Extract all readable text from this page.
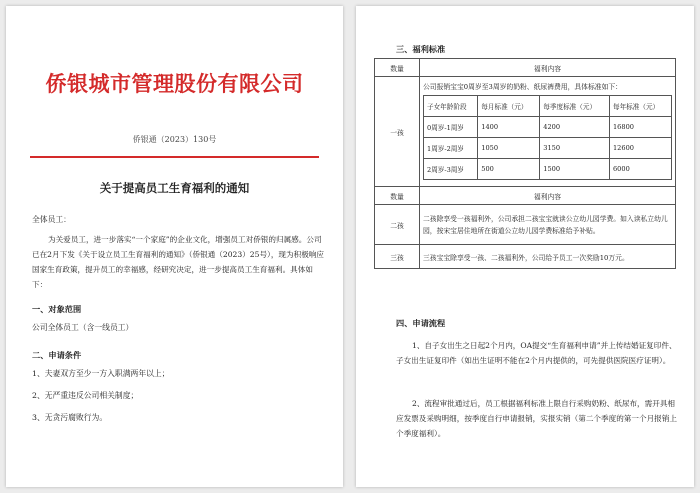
侨银城市管理股份有限公司
侨银通（2023）130号
关于提高员工生育福利的通知
全体员工：
为关爱员工，进一步落实“一个家庭”的企业文化，增强员工对侨银的归属感。公司已在2月下发《关于设立员工生育福利的通知》（侨银通（2023）25号），现为积极响应国家生育政策，提升员工的幸福感，经研究决定，进一步提高员工生育福利。具体如下：
一、对象范围
公司全体员工（含一线员工）
二、申请条件
1、夫妻双方至少一方入职满两年以上；
2、无严重违反公司相关制度；
3、无贪污腐败行为。
三、福利标准
数量	福利内容
一孩	
公司报销宝宝0周岁至3周岁的奶粉、纸尿裤费用，具体标准如下：
子女年龄阶段	每月标准（元）	每季度标准（元）	每年标准（元）
0周岁-1周岁	1400	4200	16800
1周岁-2周岁	1050	3150	12600
2周岁-3周岁	500	1500	6000

数量	福利内容
二孩	二孩除享受一孩福利外，公司承担二孩宝宝就读公立幼儿园学费。如入读私立幼儿园，按宋宝居住地所在街道公立幼儿园学费标准给予补贴。
三孩	三孩宝宝除享受一孩、二孩福利外，公司给予员工一次奖励10万元。
四、申请流程
1、自子女出生之日起2个月内，OA提交“生育福利申请”并上传结婚证复印件、子女出生证复印件（如出生证明不能在2个月内提供的，可先提供医院医疗证明）。
2、流程审批通过后，员工根据福利标准上限自行采购奶粉、纸尿布，需开具相应发票及采购明细，按季度自行申请报销，实报实销（第二个季度的第一个月报销上个季度福利）。
